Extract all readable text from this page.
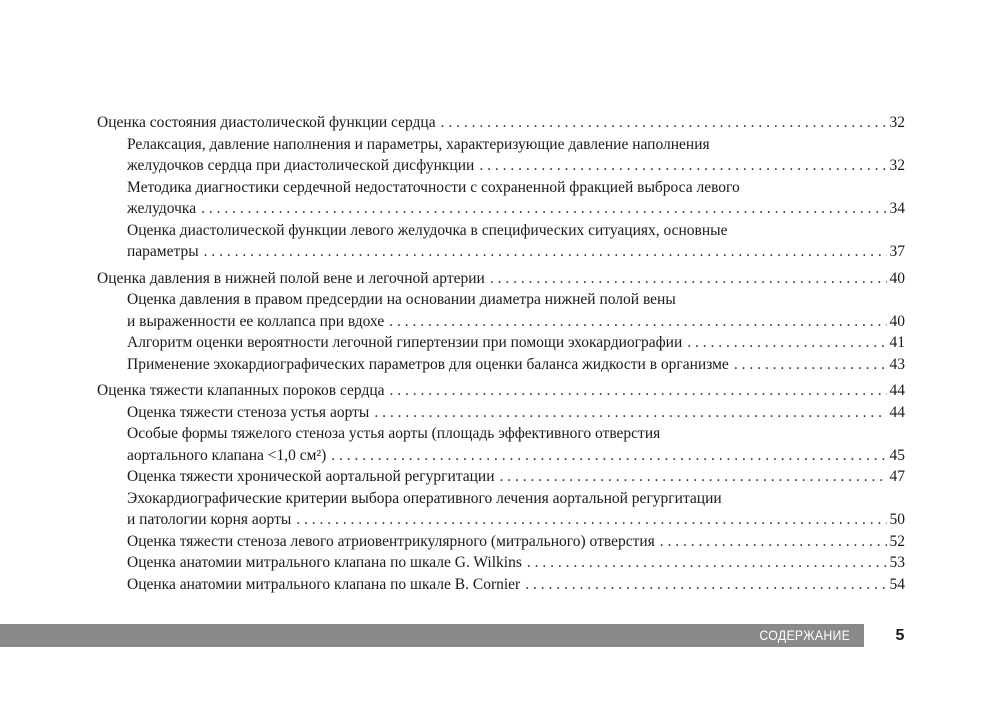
Оценка состояния диастолической функции сердца . . .	32
Релаксация, давление наполнения и параметры, характеризующие давление наполнения
желудочков сердца при диастолической дисфункции . . .	32
Методика диагностики сердечной недостаточности с сохраненной фракцией выброса левого
желудочка . . .	34
Оценка диастолической функции левого желудочка в специфических ситуациях, основные
параметры . . .	37
Оценка давления в нижней полой вене и легочной артерии . . .	40
Оценка давления в правом предсердии на основании диаметра нижней полой вены
и выраженности ее коллапса при вдохе . . .	40
Алгоритм оценки вероятности легочной гипертензии при помощи эхокардиографии . . .	41
Применение эхокардиографических параметров для оценки баланса жидкости в организме . . .	43
Оценка тяжести клапанных пороков сердца . . .	44
Оценка тяжести стеноза устья аорты . . .	44
Особые формы тяжелого стеноза устья аорты (площадь эффективного отверстия
аортального клапана <1,0 см²) . . .	45
Оценка тяжести хронической аортальной регургитации . . .	47
Эхокардиографические критерии выбора оперативного лечения аортальной регургитации
и патологии корня аорты . . .	50
Оценка тяжести стеноза левого атриовентрикулярного (митрального) отверстия . . .	52
Оценка анатомии митрального клапана по шкале G. Wilkins . . .	53
Оценка анатомии митрального клапана по шкале B. Cornier . . .	54
СОДЕРЖАНИЕ	5
